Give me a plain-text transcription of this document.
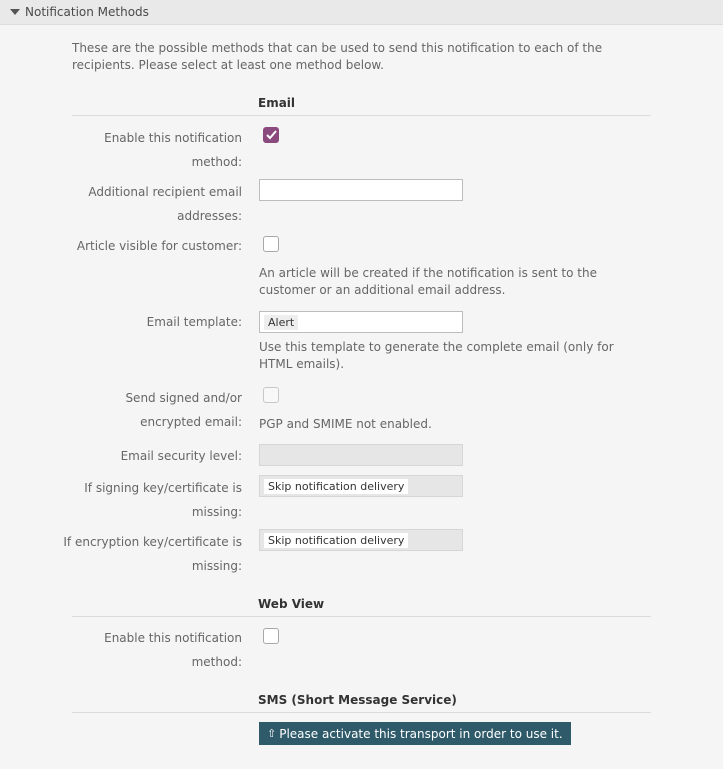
Notification Methods
These are the possible methods that can be used to send this notification to each of the recipients. Please select at least one method below.
Email
Enable this notification method:
Additional recipient email addresses:
Article visible for customer:
An article will be created if the notification is sent to the customer or an additional email address.
Email template:	Alert
Use this template to generate the complete email (only for HTML emails).
Send signed and/or encrypted email: PGP and SMIME not enabled.
Email security level:
If signing key/certificate is missing:
Skip notification delivery
If encryption key/certificate is missing:
Skip notification delivery
Web View
Enable this notification method:
SMS (Short Message Service)
⇧ Please activate this transport in order to use it.
